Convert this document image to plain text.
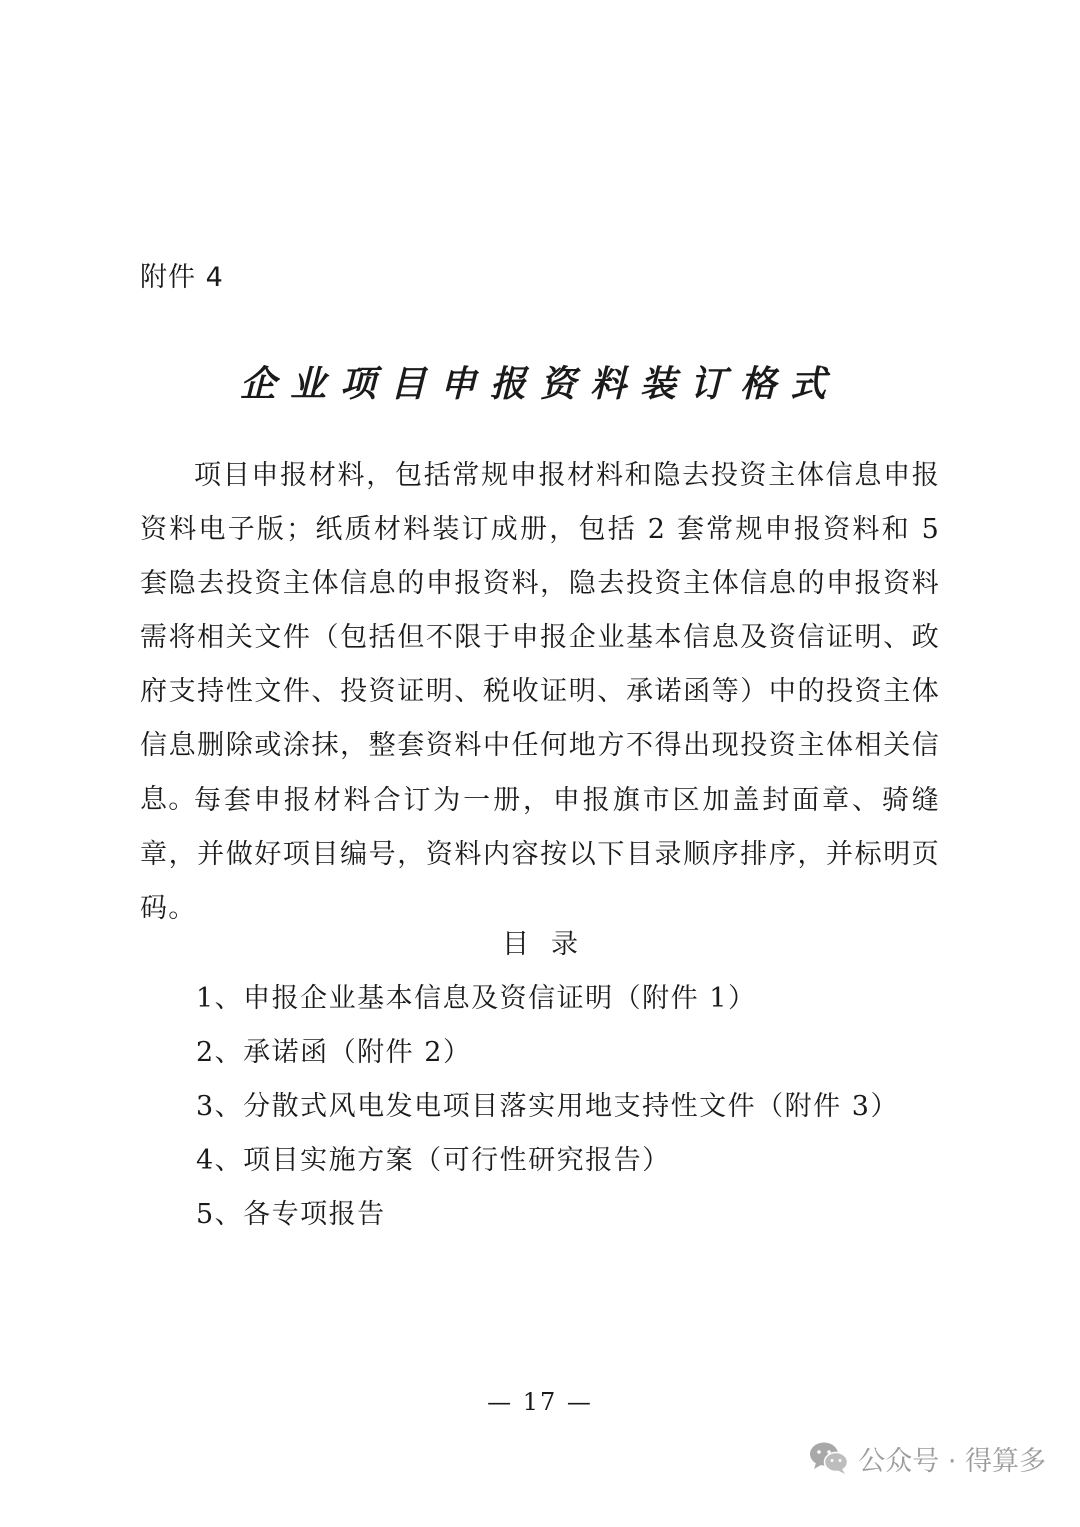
附件 4
企业项目申报资料装订格式

项目申报材料，包括常规申报材料和隐去投资主体信息申报资料电子版；纸质材料装订成册，包括 2 套常规申报资料和 5 套隐去投资主体信息的申报资料，隐去投资主体信息的申报资料需将相关文件（包括但不限于申报企业基本信息及资信证明、政府支持性文件、投资证明、税收证明、承诺函等）中的投资主体信息删除或涂抹，整套资料中任何地方不得出现投资主体相关信息。

每套申报材料合订为一册，申报旗市区加盖封面章、骑缝章，并做好项目编号，资料内容按以下目录顺序排序，并标明页码。

目录
1、申报企业基本信息及资信证明（附件 1）
2、承诺函（附件 2）
3、分散式风电发电项目落实用地支持性文件（附件 3）
4、项目实施方案（可行性研究报告）
5、各专项报告
— 17 —
公众号 · 得算多
